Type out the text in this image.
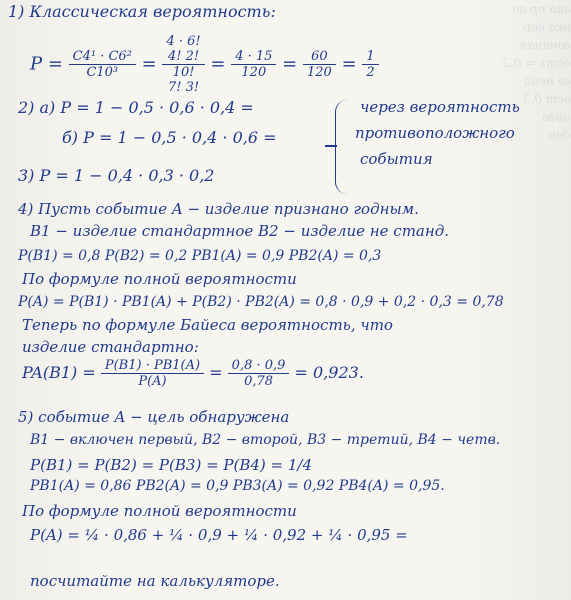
ааа пр ао
нка вер
гонаная
ость = 0,2
ог нена
ост 0,3
цого
дон
1) Классическая вероятность:
$P = \frac{\text{C4¹ · C6²}}{\text{C10³}}$ =
4 · 6!
4! 2!
10!
7! 3!
= $\frac{4 \cdot 15}{120} = \frac{60}{120} = \frac{1}{2}$
2) а) P = 1 − 0,5 · 0,6 · 0,4 =
б) P = 1 − 0,5 · 0,4 · 0,6 =
через вероятность
противоположного
события
3) P = 1 − 0,4 · 0,3 · 0,2
4) Пусть событие A − изделие признано годным.
B1 − изделие стандартное B2 − изделие не станд.
P(B1) = 0,8 P(B2) = 0,2 PB1(A) = 0,9 PB2(A) = 0,3
По формуле полной вероятности
P(A) = P(B1) · PB1(A) + P(B2) · PB2(A) = 0,8 · 0,9 + 0,2 · 0,3 = 0,78
Теперь по формуле Байеса вероятность, что
изделие стандартно:
$PA(B1) = \frac{P(B1) \cdot PB1(A)}{P(A)} = \frac{0,8 \cdot 0,9}{0,78} = 0,923$.
5) событие A − цель обнаружена
B1 − включен первый, B2 − второй, B3 − третий, B4 − четв.
P(B1) = P(B2) = P(B3) = P(B4) = 1/4
PB1(A) = 0,86 PB2(A) = 0,9 PB3(A) = 0,92 PB4(A) = 0,95.
По формуле полной вероятности
P(A) = ¼ · 0,86 + ¼ · 0,9 + ¼ · 0,92 + ¼ · 0,95 =
посчитайте на калькуляторе.
